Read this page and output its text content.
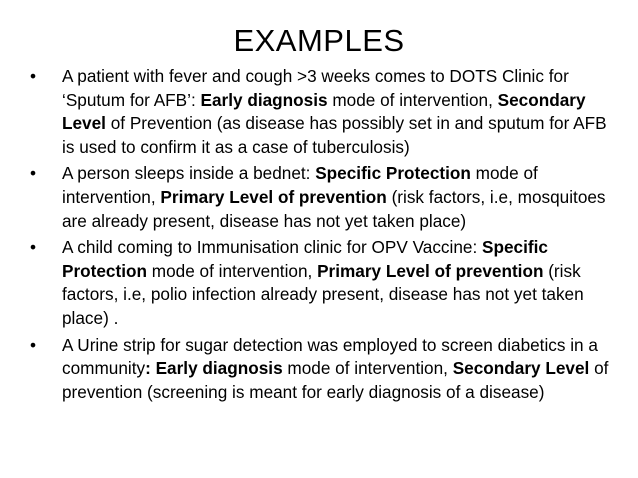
EXAMPLES
•	A patient with fever and cough >3 weeks comes to DOTS Clinic for ‘Sputum for AFB’: Early diagnosis mode of intervention, Secondary Level of Prevention (as disease has possibly set in and sputum for AFB is used to confirm it as a case of tuberculosis)
•	A person sleeps inside a bednet: Specific Protection mode of intervention, Primary Level of prevention (risk factors, i.e, mosquitoes are already present, disease has not yet taken place)
•	A child coming to Immunisation clinic for OPV Vaccine: Specific Protection mode of intervention, Primary Level of prevention (risk factors, i.e, polio infection already present, disease has not yet taken place) .
•	A Urine strip for sugar detection was employed to screen diabetics in a community: Early diagnosis mode of intervention, Secondary Level of prevention (screening is meant for early diagnosis of a disease)
